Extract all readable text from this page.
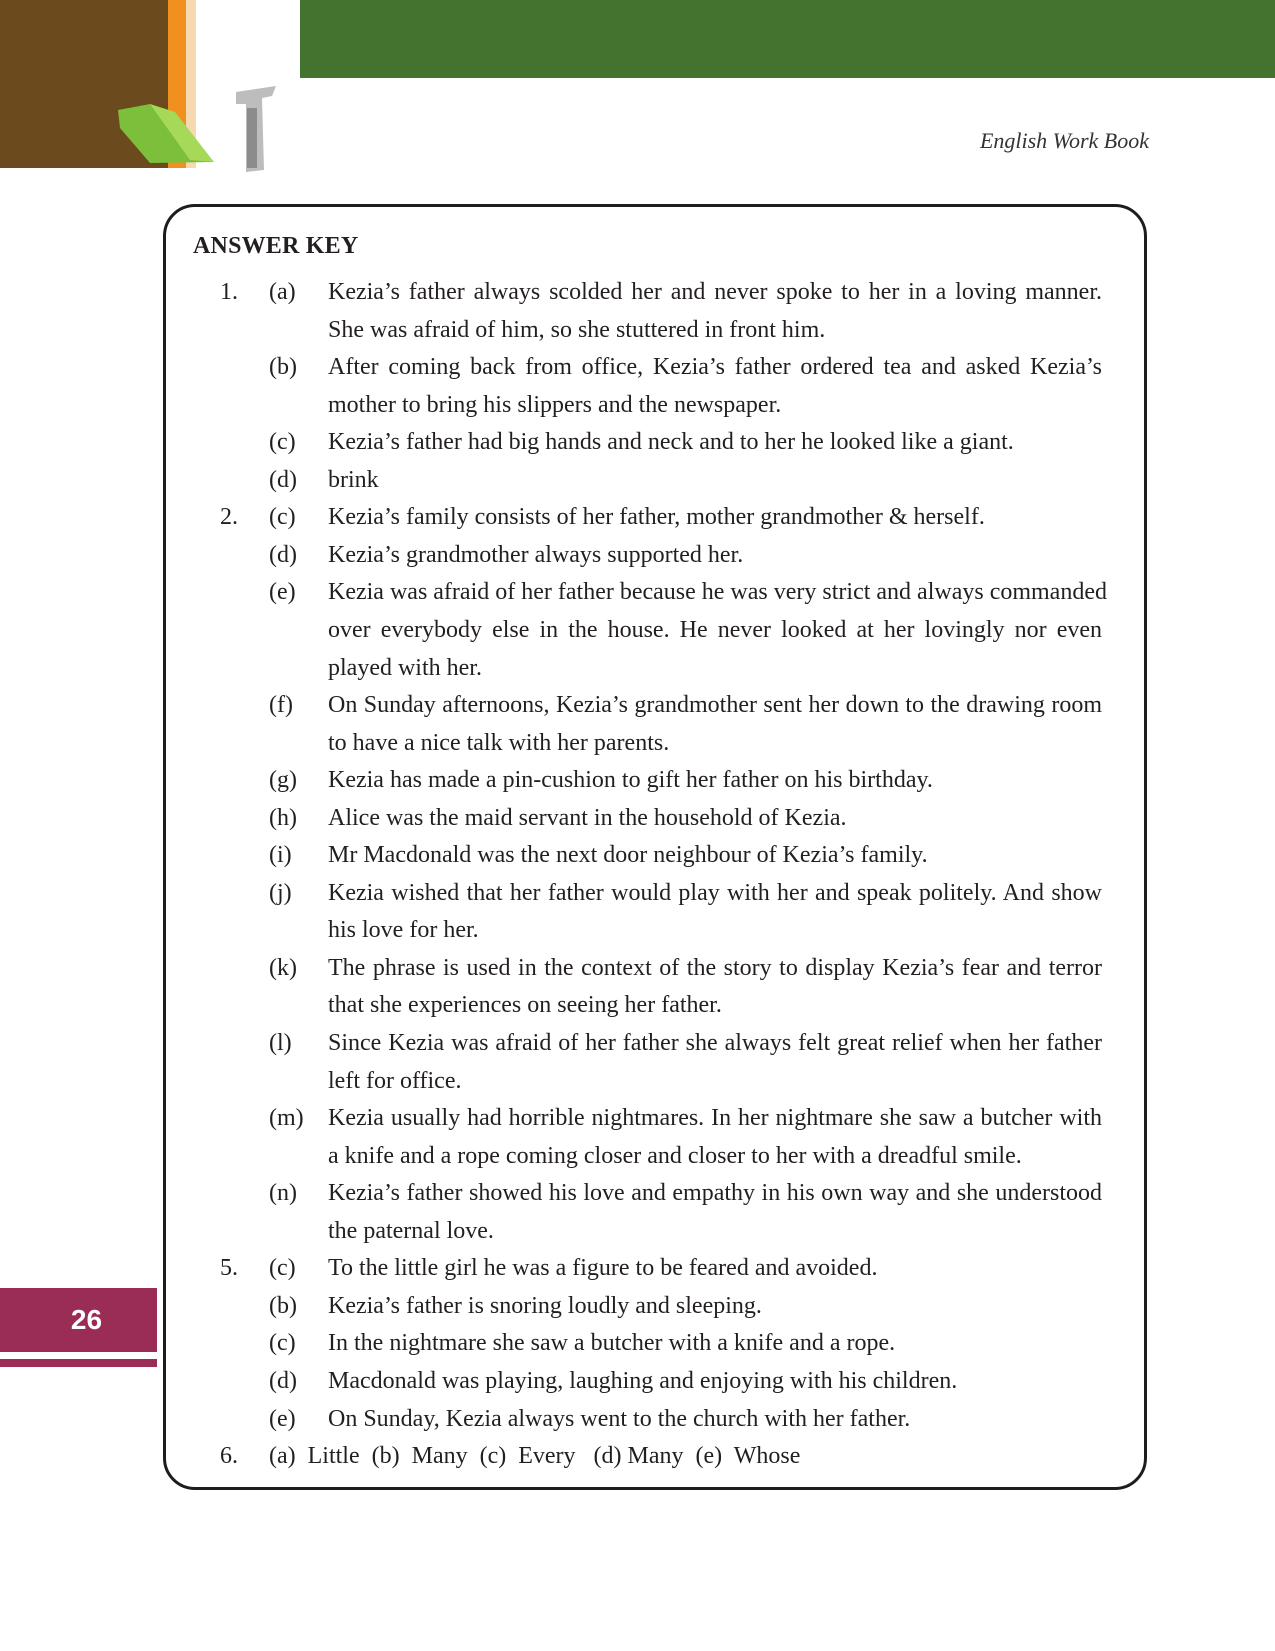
English Work Book
ANSWER KEY
1. (a) Kezia’s father always scolded her and never spoke to her in a loving manner.
She was afraid of him, so she stuttered in front him.
(b) After coming back from office, Kezia’s father ordered tea and asked Kezia’s
mother to bring his slippers and the newspaper.
(c) Kezia’s father had big hands and neck and to her he looked like a giant.
(d) brink
2. (c) Kezia’s family consists of her father, mother grandmother & herself.
(d) Kezia’s grandmother always supported her.
(e) Kezia was afraid of her father because he was very strict and always commanded
over everybody else in the house. He never looked at her lovingly nor even
played with her.
(f) On Sunday afternoons, Kezia’s grandmother sent her down to the drawing room
to have a nice talk with her parents.
(g) Kezia has made a pin-cushion to gift her father on his birthday.
(h) Alice was the maid servant in the household of Kezia.
(i) Mr Macdonald was the next door neighbour of Kezia’s family.
(j) Kezia wished that her father would play with her and speak politely. And show
his love for her.
(k) The phrase is used in the context of the story to display Kezia’s fear and terror
that she experiences on seeing her father.
(l) Since Kezia was afraid of her father she always felt great relief when her father
left for office.
(m) Kezia usually had horrible nightmares. In her nightmare she saw a butcher with
a knife and a rope coming closer and closer to her with a dreadful smile.
(n) Kezia’s father showed his love and empathy in his own way and she understood
the paternal love.
5. (c) To the little girl he was a figure to be feared and avoided.
(b) Kezia’s father is snoring loudly and sleeping.
(c) In the nightmare she saw a butcher with a knife and a rope.
(d) Macdonald was playing, laughing and enjoying with his children.
(e) On Sunday, Kezia always went to the church with her father.
6. (a)  Little  (b)  Many  (c)  Every   (d) Many  (e)  Whose
26
